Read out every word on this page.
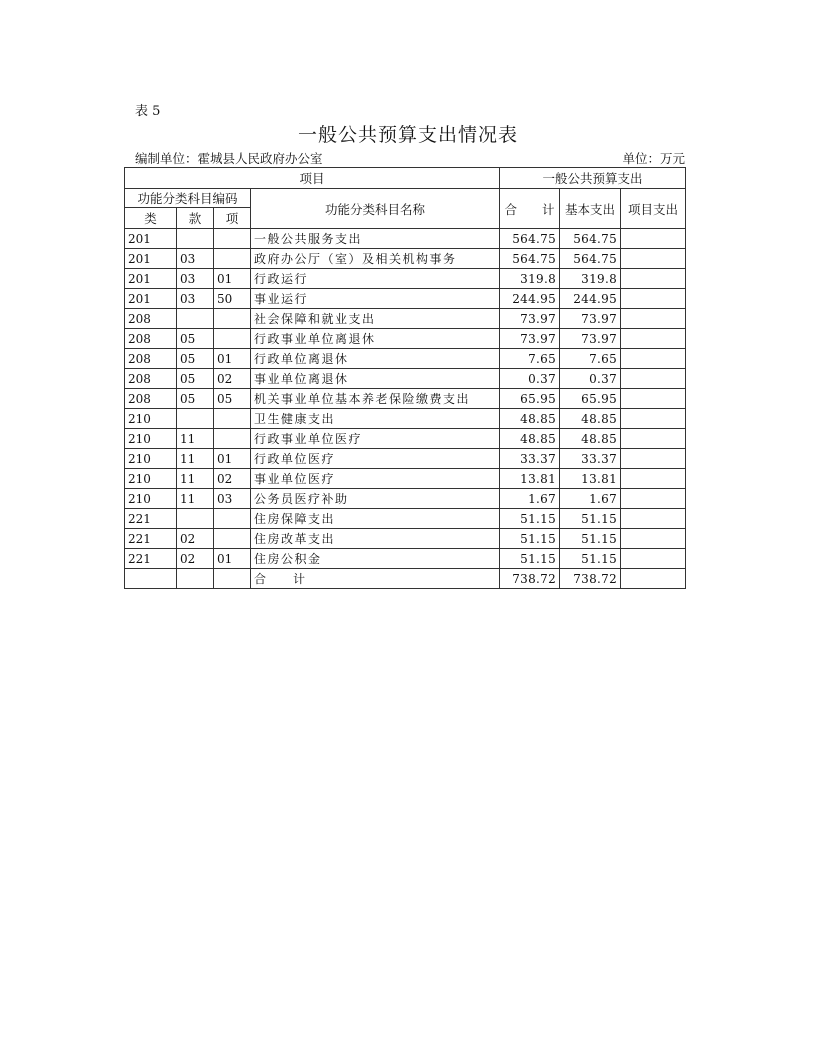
表 5
一般公共预算支出情况表
编制单位：霍城县人民政府办公室	单位：万元
项目				一般公共预算支出		
功能分类科目编码			功能分类科目名称	合　　计	基本支出	项目支出
类	款	项				
201			一般公共服务支出	564.75	564.75	
201	03		政府办公厅（室）及相关机构事务	564.75	564.75	
201	03	01	行政运行	319.8	319.8	
201	03	50	事业运行	244.95	244.95	
208			社会保障和就业支出	73.97	73.97	
208	05		行政事业单位离退休	73.97	73.97	
208	05	01	行政单位离退休	7.65	7.65	
208	05	02	事业单位离退休	0.37	0.37	
208	05	05	机关事业单位基本养老保险缴费支出	65.95	65.95	
210			卫生健康支出	48.85	48.85	
210	11		行政事业单位医疗	48.85	48.85	
210	11	01	行政单位医疗	33.37	33.37	
210	11	02	事业单位医疗	13.81	13.81	
210	11	03	公务员医疗补助	1.67	1.67	
221			住房保障支出	51.15	51.15	
221	02		住房改革支出	51.15	51.15	
221	02	01	住房公积金	51.15	51.15	
			合　　计	738.72	738.72	
